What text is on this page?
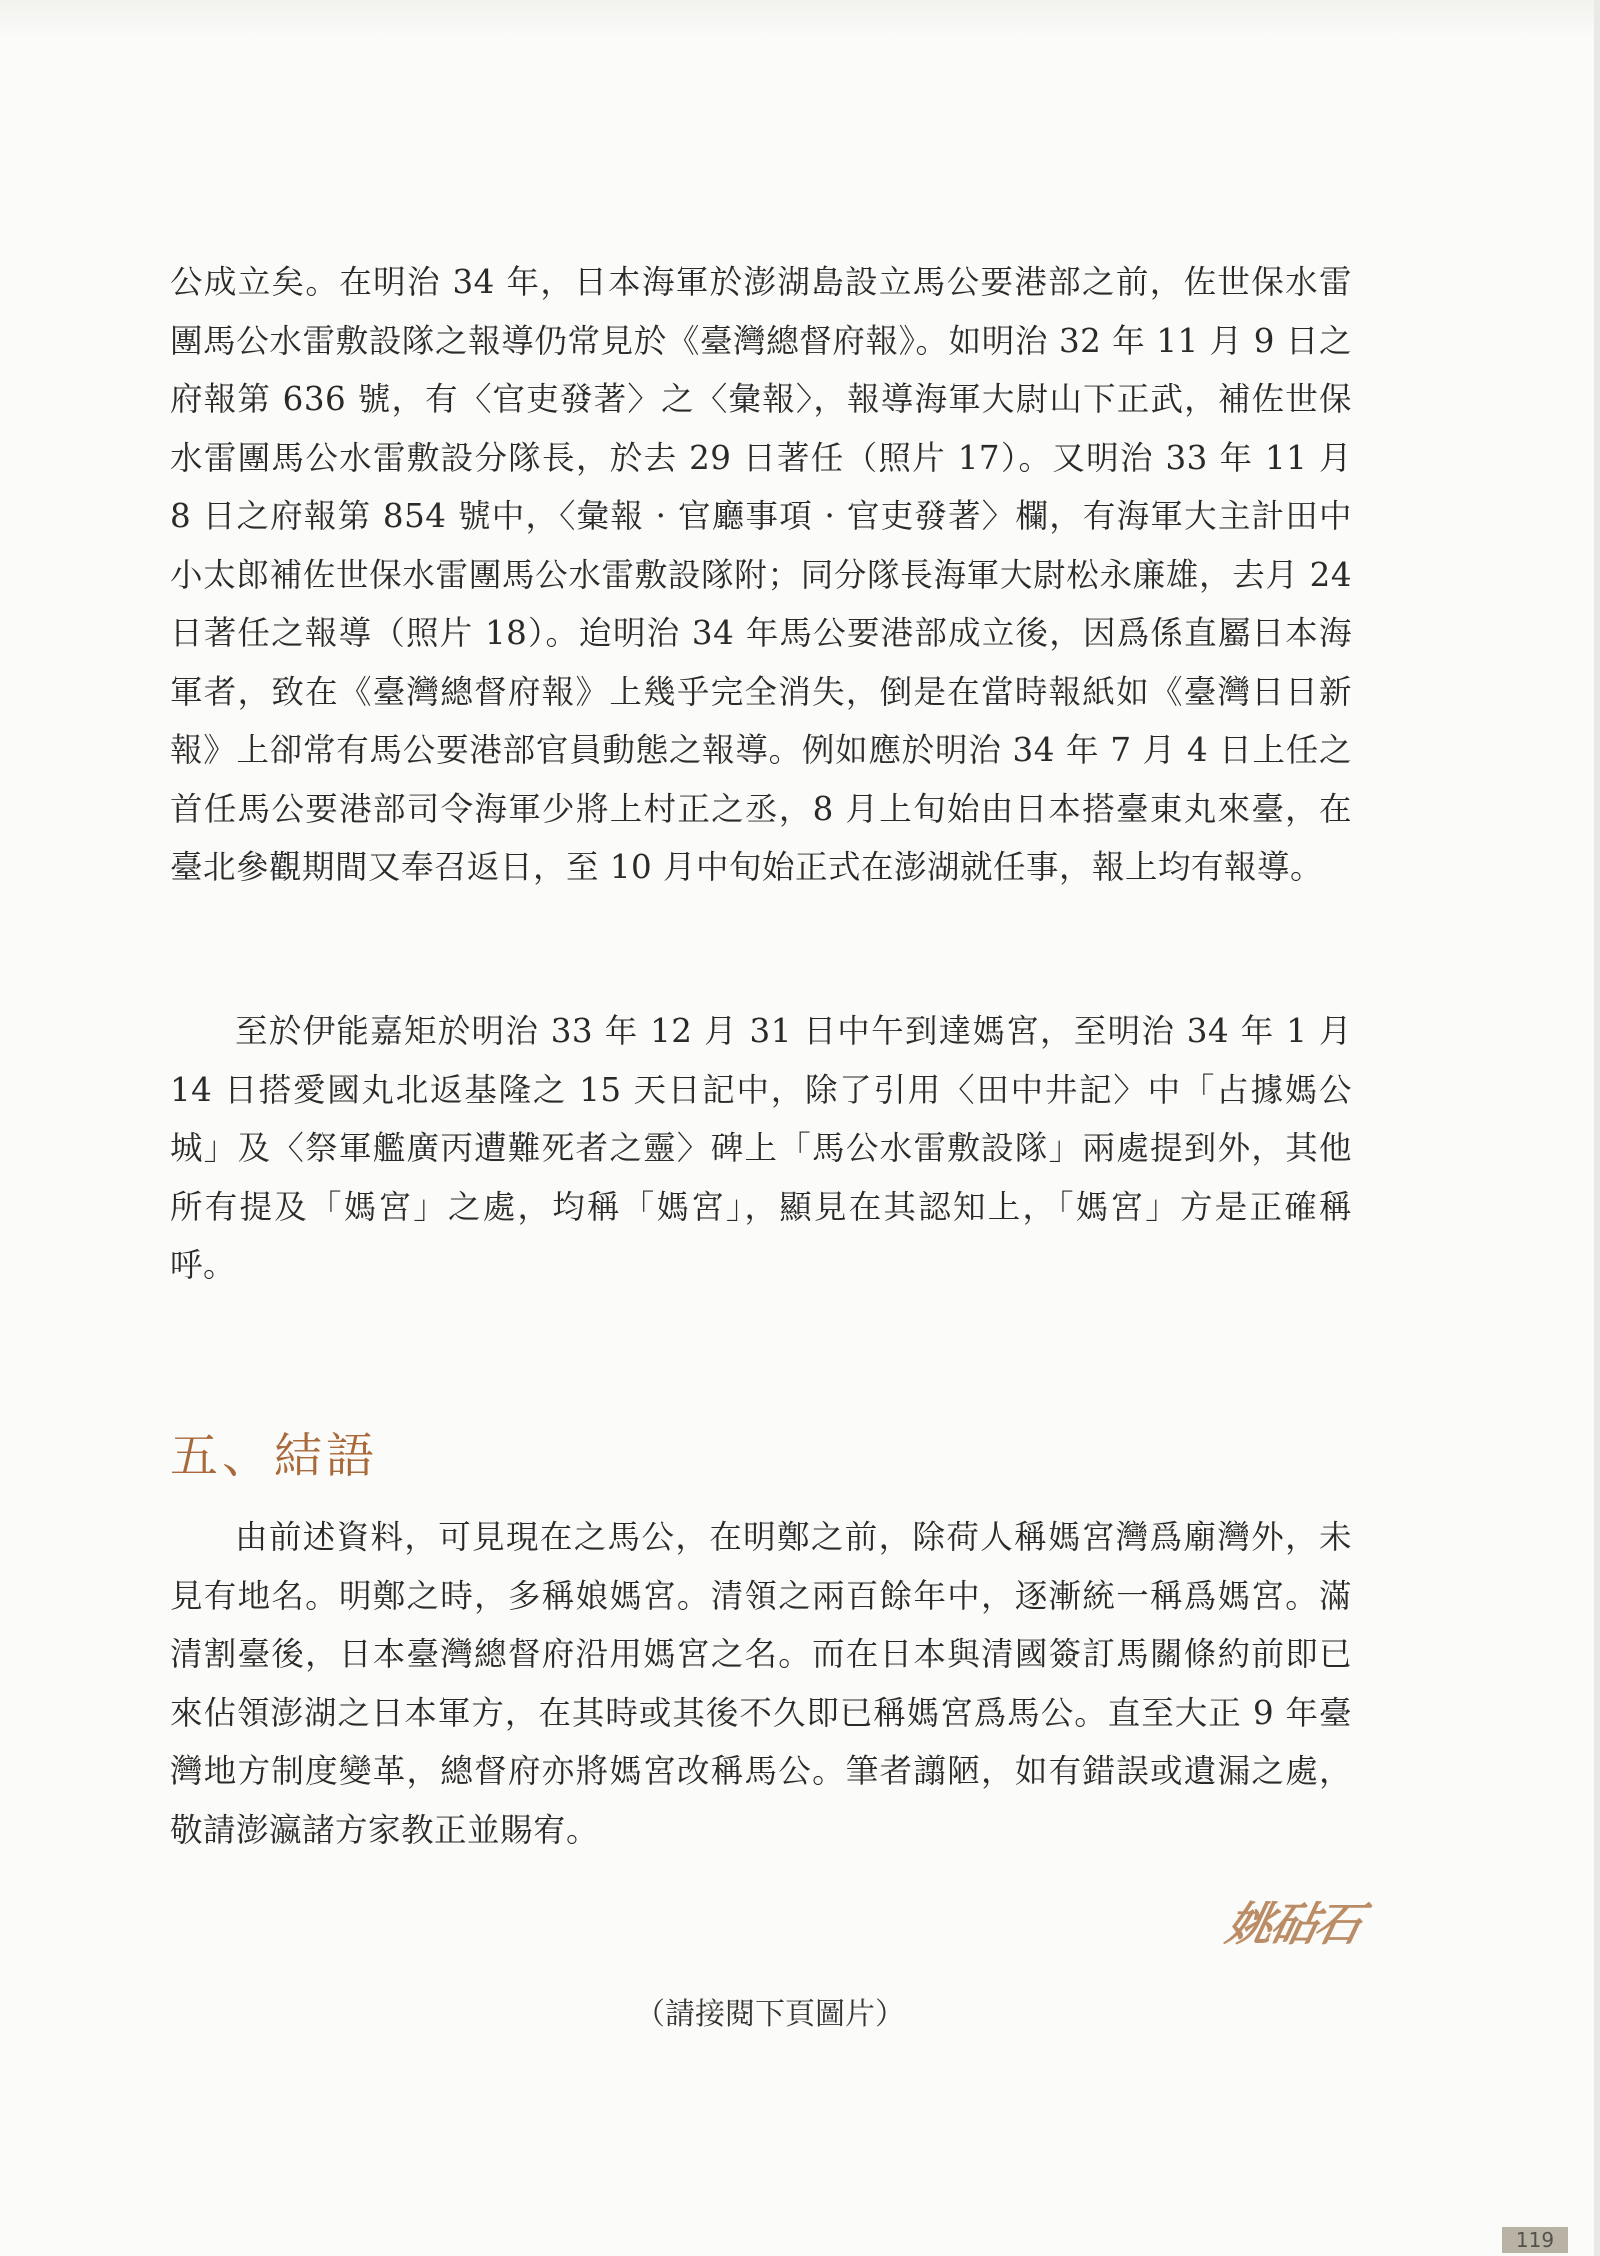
公成立矣。在明治 34 年，日本海軍於澎湖島設立馬公要港部之前，佐世保水雷團馬公水雷敷設隊之報導仍常見於《臺灣總督府報》。如明治 32 年 11 月 9 日之府報第 636 號，有〈官吏發著〉之〈彙報〉，報導海軍大尉山下正武，補佐世保水雷團馬公水雷敷設分隊長，於去 29 日著任（照片 17）。又明治 33 年 11 月 8 日之府報第 854 號中，〈彙報 · 官廳事項 · 官吏發著〉欄，有海軍大主計田中小太郎補佐世保水雷團馬公水雷敷設隊附；同分隊長海軍大尉松永廉雄，去月 24 日著任之報導（照片 18）。迨明治 34 年馬公要港部成立後，因爲係直屬日本海軍者，致在《臺灣總督府報》上幾乎完全消失，倒是在當時報紙如《臺灣日日新報》上卻常有馬公要港部官員動態之報導。例如應於明治 34 年 7 月 4 日上任之首任馬公要港部司令海軍少將上村正之丞，8 月上旬始由日本搭臺東丸來臺，在臺北參觀期間又奉召返日，至 10 月中旬始正式在澎湖就任事，報上均有報導。

至於伊能嘉矩於明治 33 年 12 月 31 日中午到達媽宮，至明治 34 年 1 月 14 日搭愛國丸北返基隆之 15 天日記中，除了引用〈田中井記〉中「占據媽公城」及〈祭軍艦廣丙遭難死者之靈〉碑上「馬公水雷敷設隊」兩處提到外，其他所有提及「媽宮」之處，均稱「媽宮」，顯見在其認知上，「媽宮」方是正確稱呼。

五、結語

由前述資料，可見現在之馬公，在明鄭之前，除荷人稱媽宮灣爲廟灣外，未見有地名。明鄭之時，多稱娘媽宮。清領之兩百餘年中，逐漸統一稱爲媽宮。滿清割臺後，日本臺灣總督府沿用媽宮之名。而在日本與清國簽訂馬關條約前即已來佔領澎湖之日本軍方，在其時或其後不久即已稱媽宮爲馬公。直至大正 9 年臺灣地方制度變革，總督府亦將媽宮改稱馬公。筆者譾陋，如有錯誤或遺漏之處，敬請澎瀛諸方家教正並賜宥。

姚砧石

（請接閱下頁圖片）

119
